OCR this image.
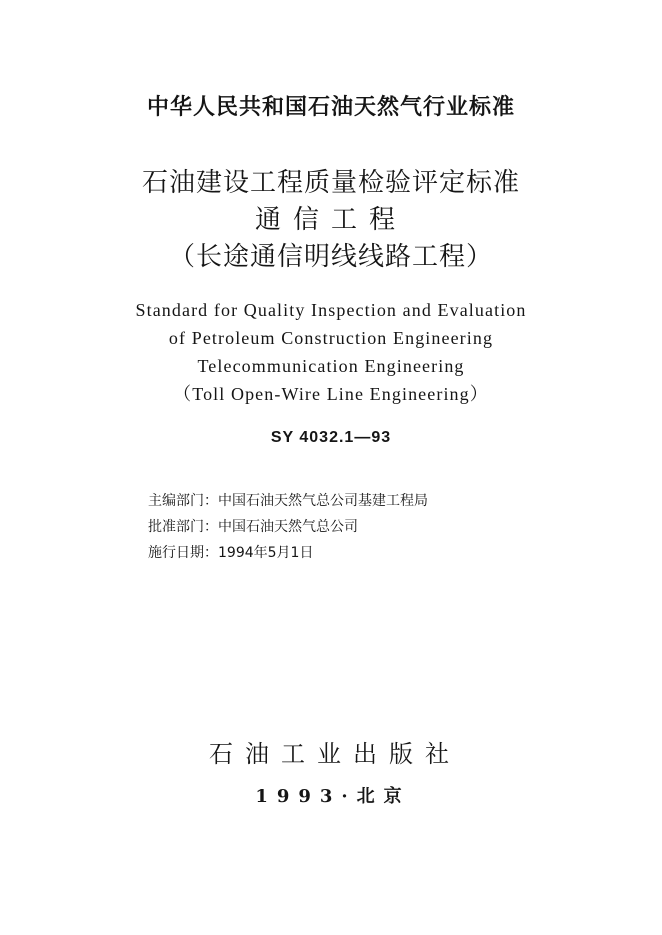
中华人民共和国石油天然气行业标准
石油建设工程质量检验评定标准
通信工程
（长途通信明线线路工程）
Standard for Quality Inspection and Evaluation
of Petroleum Construction Engineering
Telecommunication Engineering
（Toll Open-Wire Line Engineering）
SY 4032.1—93
主编部门：中国石油天然气总公司基建工程局
批准部门：中国石油天然气总公司
施行日期：1994年5月1日
石油工业出版社
1993·北京
